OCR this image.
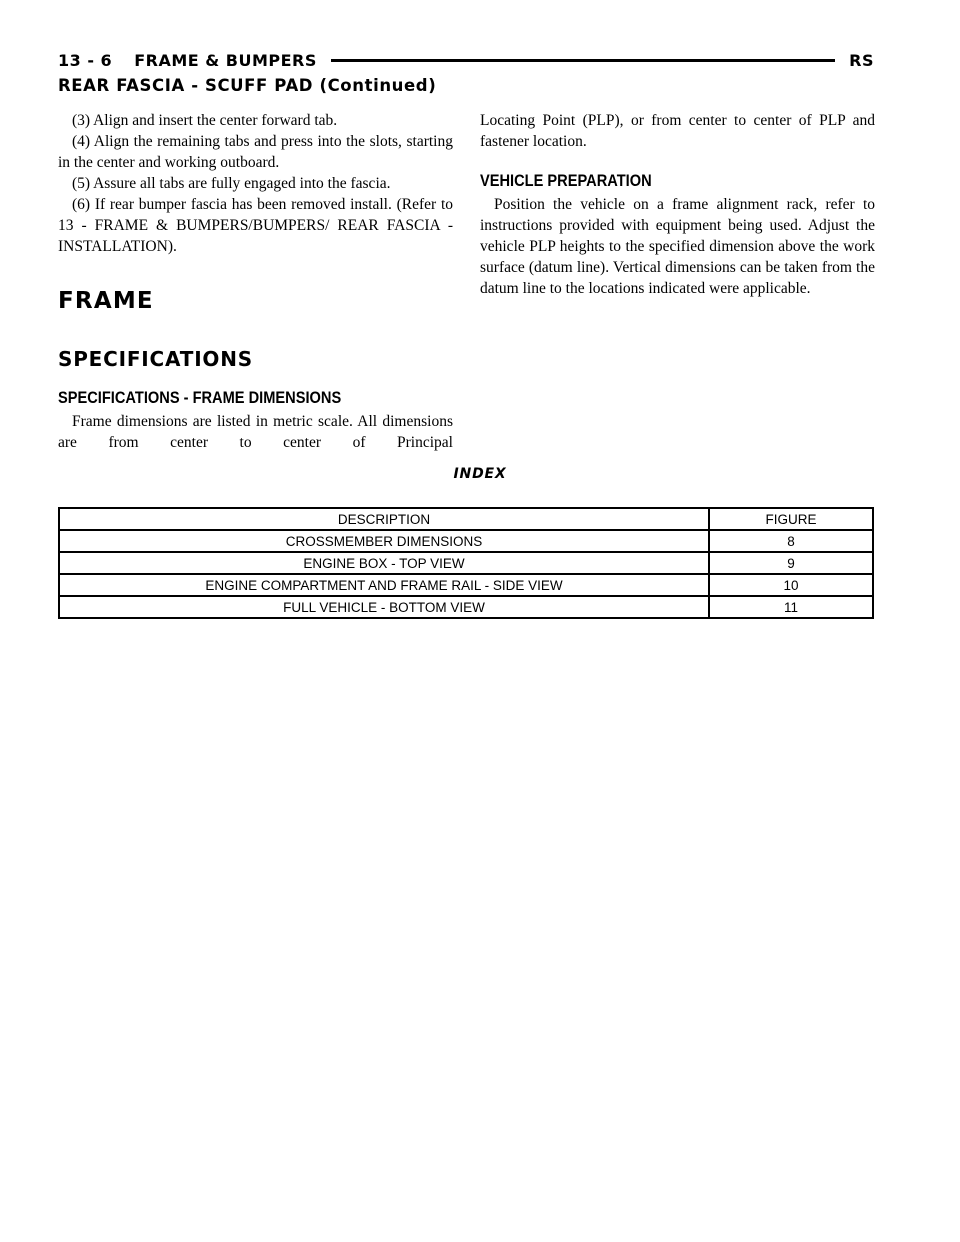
13 - 6 FRAME & BUMPERS	RS
REAR FASCIA - SCUFF PAD (Continued)

(3) Align and insert the center forward tab.

(4) Align the remaining tabs and press into the slots, starting in the center and working outboard.

(5) Assure all tabs are fully engaged into the fascia.

(6) If rear bumper fascia has been removed install. (Refer to 13 - FRAME & BUMPERS/BUMPERS/ REAR FASCIA - INSTALLATION).

FRAME
SPECIFICATIONS
SPECIFICATIONS - FRAME DIMENSIONS

Frame dimensions are listed in metric scale. All dimensions are from center to center of Principal

Locating Point (PLP), or from center to center of PLP and fastener location.

VEHICLE PREPARATION

Position the vehicle on a frame alignment rack, refer to instructions provided with equipment being used. Adjust the vehicle PLP heights to the specified dimension above the work surface (datum line). Vertical dimensions can be taken from the datum line to the locations indicated were applicable.

INDEX
DESCRIPTION	FIGURE
CROSSMEMBER DIMENSIONS	8
ENGINE BOX - TOP VIEW	9
ENGINE COMPARTMENT AND FRAME RAIL - SIDE VIEW	10
FULL VEHICLE - BOTTOM VIEW	11
